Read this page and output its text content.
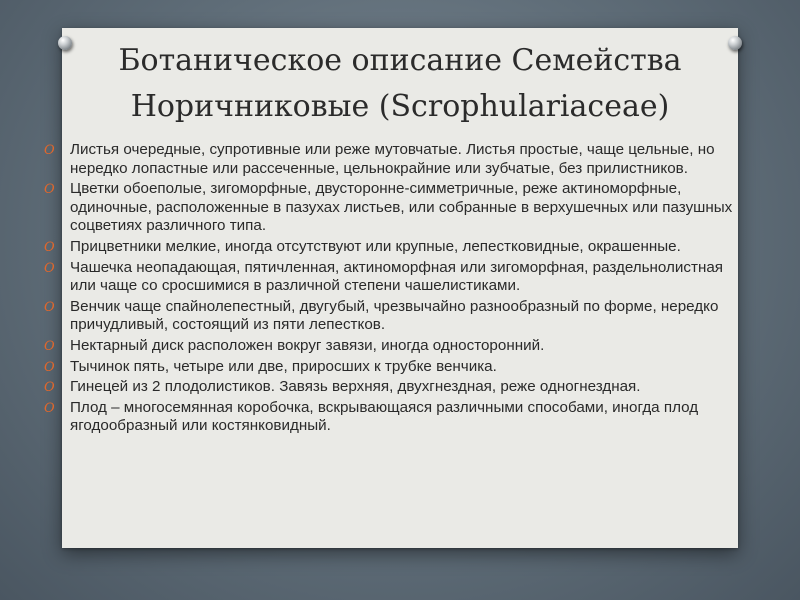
Ботаническое описание Семейства
Норичниковые (Scrophulariaceae)
O Листья очередные, супротивные или реже мутовчатые. Листья простые, чаще цельные, но нередко лопастные или рассеченные, цельнокрайние или зубчатые, без прилистников.
O Цветки обоеполые, зигоморфные, двусторонне-симметричные, реже актиноморфные, одиночные, расположенные в пазухах листьев, или собранные в верхушечных или пазушных соцветиях различного типа.
O Прицветники мелкие, иногда отсутствуют или крупные, лепестковидные, окрашенные.
O Чашечка неопадающая, пятичленная, актиноморфная или зигоморфная, раздельнолистная или чаще со сросшимися в различной степени чашелистиками.
O Венчик чаще спайнолепестный, двугубый, чрезвычайно разнообразный по форме, нередко причудливый, состоящий из пяти лепестков.
O Нектарный диск расположен вокруг завязи, иногда односторонний.
O Тычинок пять, четыре или две, приросших к трубке венчика.
O Гинецей из 2 плодолистиков. Завязь верхняя, двухгнездная, реже одногнездная.
O Плод – многосемянная коробочка, вскрывающаяся различными способами, иногда плод ягодообразный или костянковидный.
